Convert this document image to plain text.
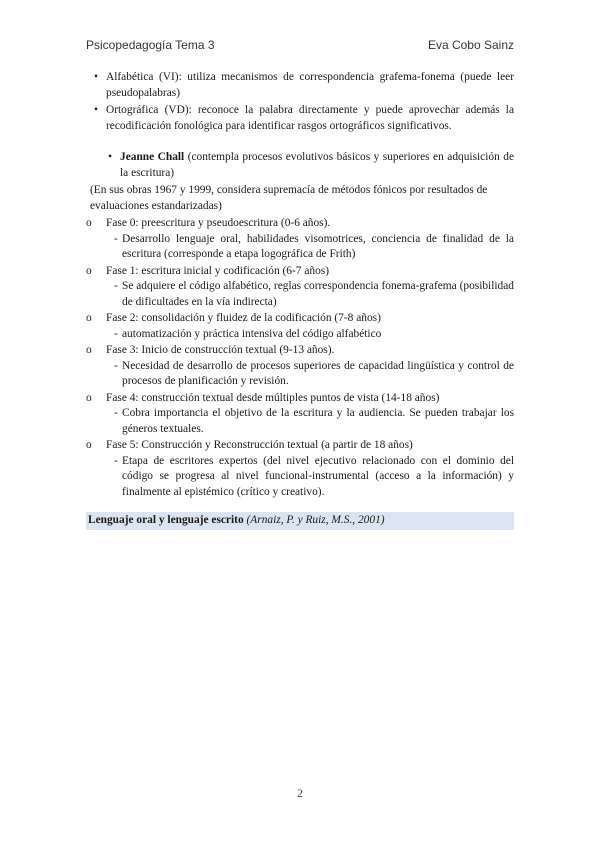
Psicopedagogía Tema 3	Eva Cobo Sainz
• Alfabética (VI): utiliza mecanismos de correspondencia grafema-fonema (puede leer pseudopalabras)
• Ortográfica (VD): reconoce la palabra directamente y puede aprovechar además la recodificación fonológica para identificar rasgos ortográficos significativos.
• Jeanne Chall (contempla procesos evolutivos básicos y superiores en adquisición de la escritura)
(En sus obras 1967 y 1999, considera supremacía de métodos fónicos por resultados de evaluaciones estandarizadas)
o	Fase 0: preescritura y pseudoescritura (0-6 años).
- Desarrollo lenguaje oral, habilidades visomotrices, conciencia de finalidad de la escritura (corresponde a etapa logográfica de Frith)
o	Fase 1: escritura inicial y codificación (6-7 años)
- Se adquiere el código alfabético, reglas correspondencia fonema-grafema (posibilidad de dificultades en la vía indirecta)
o	Fase 2: consolidación y fluidez de la codificación (7-8 años)
- automatización y práctica intensiva del código alfabético
o	Fase 3: Inicio de construcción textual (9-13 años).
- Necesidad de desarrollo de procesos superiores de capacidad lingüística y control de procesos de planificación y revisión.
o	Fase 4: construcción textual desde múltiples puntos de vista (14-18 años)
- Cobra importancia el objetivo de la escritura y la audiencia. Se pueden trabajar los géneros textuales.
o	Fase 5: Construcción y Reconstrucción textual (a partir de 18 años)
- Etapa de escritores expertos (del nivel ejecutivo relacionado con el dominio del código se progresa al nivel funcional-instrumental (acceso a la información) y finalmente al epistémico (crítico y creativo).
Lenguaje oral y lenguaje escrito (Arnaiz, P. y Ruiz, M.S., 2001)
2
